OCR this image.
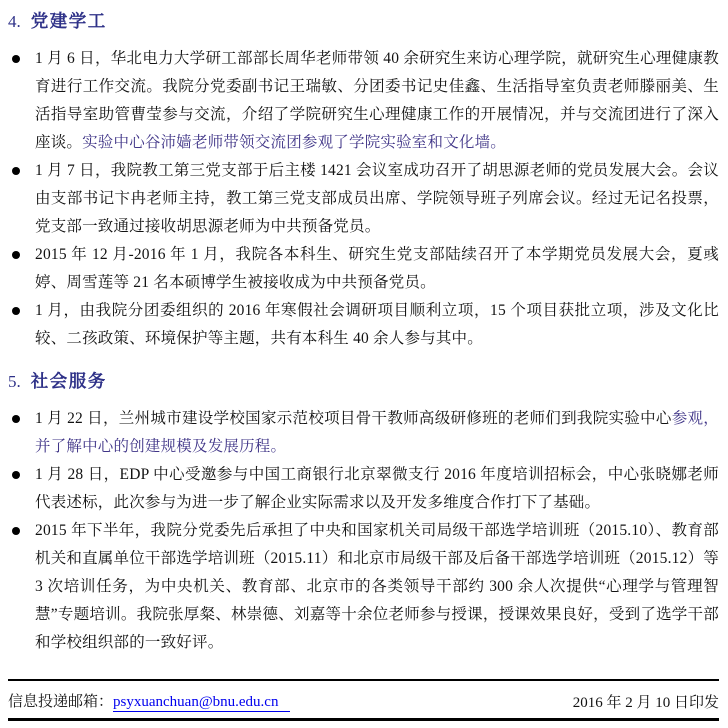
4. 党建学工

1 月 6 日，华北电力大学研工部部长周华老师带领 40 余研究生来访心理学院，就研究生心理健康教育进行工作交流。我院分党委副书记王瑞敏、分团委书记史佳鑫、生活指导室负责老师滕丽美、生活指导室助管曹莹参与交流，介绍了学院研究生心理健康工作的开展情况，并与交流团进行了深入座谈。实验中心谷沛嫱老师带领交流团参观了学院实验室和文化墙。

1 月 7 日，我院教工第三党支部于后主楼 1421 会议室成功召开了胡思源老师的党员发展大会。会议由支部书记卞冉老师主持，教工第三党支部成员出席、学院领导班子列席会议。经过无记名投票，党支部一致通过接收胡思源老师为中共预备党员。

2015 年 12 月-2016 年 1 月，我院各本科生、研究生党支部陆续召开了本学期党员发展大会，夏彧婷、周雪莲等 21 名本硕博学生被接收成为中共预备党员。

1 月，由我院分团委组织的 2016 年寒假社会调研项目顺利立项，15 个项目获批立项，涉及文化比较、二孩政策、环境保护等主题，共有本科生 40 余人参与其中。

5. 社会服务

1 月 22 日，兰州城市建设学校国家示范校项目骨干教师高级研修班的老师们到我院实验中心参观，并了解中心的创建规模及发展历程。

1 月 28 日，EDP 中心受邀参与中国工商银行北京翠微支行 2016 年度培训招标会，中心张晓娜老师代表述标，此次参与为进一步了解企业实际需求以及开发多维度合作打下了基础。

2015 年下半年，我院分党委先后承担了中央和国家机关司局级干部选学培训班（2015.10）、教育部机关和直属单位干部选学培训班（2015.11）和北京市局级干部及后备干部选学培训班（2015.12）等 3 次培训任务，为中央机关、教育部、北京市的各类领导干部约 300 余人次提供“心理学与管理智慧”专题培训。我院张厚粲、林崇德、刘嘉等十余位老师参与授课，授课效果良好，受到了选学干部和学校组织部的一致好评。

信息投递邮箱： psyxuanchuan@bnu.edu.cn	2016 年 2 月 10 日印发
